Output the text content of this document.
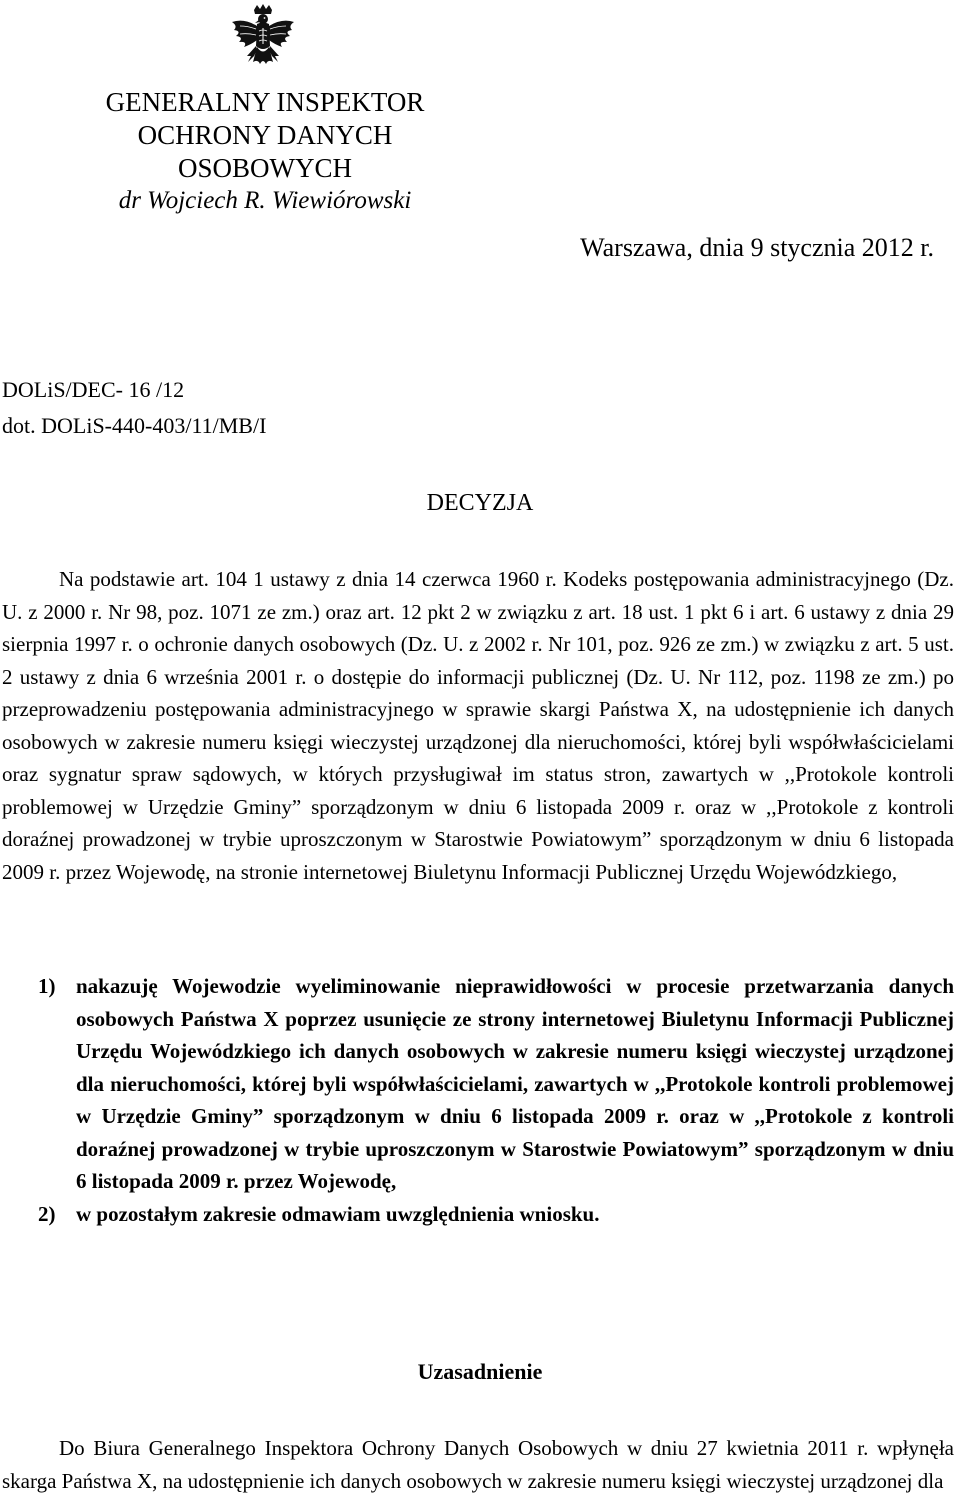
GENERALNY INSPEKTOR
OCHRONY DANYCH
OSOBOWYCH
dr Wojciech R. Wiewiórowski
Warszawa, dnia 9 stycznia 2012 r.
DOLiS/DEC- 16 /12
dot. DOLiS-440-403/11/MB/I
DECYZJA

Na podstawie art. 104 1 ustawy z dnia 14 czerwca 1960 r. Kodeks postępowania administracyjnego (Dz. U. z 2000 r. Nr 98, poz. 1071 ze zm.) oraz art. 12 pkt 2 w związku z art. 18 ust. 1 pkt 6 i art. 6 ustawy z dnia 29 sierpnia 1997 r. o ochronie danych osobowych (Dz. U. z 2002 r. Nr 101, poz. 926 ze zm.) w związku z art. 5 ust. 2 ustawy z dnia 6 września 2001 r. o dostępie do informacji publicznej (Dz. U. Nr 112, poz. 1198 ze zm.) po przeprowadzeniu postępowania administracyjnego w sprawie skargi Państwa X, na udostępnienie ich danych osobowych w zakresie numeru księgi wieczystej urządzonej dla nieruchomości, której byli współwłaścicielami oraz sygnatur spraw sądowych, w których przysługiwał im status stron, zawartych w ,,Protokole kontroli problemowej w Urzędzie Gminy” sporządzonym w dniu 6 listopada 2009 r. oraz w ,,Protokole z kontroli doraźnej prowadzonej w trybie uproszczonym w Starostwie Powiatowym” sporządzonym w dniu 6 listopada 2009 r. przez Wojewodę, na stronie internetowej Biuletynu Informacji Publicznej Urzędu Wojewódzkiego,

1) nakazuję Wojewodzie wyeliminowanie nieprawidłowości w procesie przetwarzania danych osobowych Państwa X poprzez usunięcie ze strony internetowej Biuletynu Informacji Publicznej Urzędu Wojewódzkiego ich danych osobowych w zakresie numeru księgi wieczystej urządzonej dla nieruchomości, której byli współwłaścicielami, zawartych w ,,Protokole kontroli problemowej w Urzędzie Gminy” sporządzonym w dniu 6 listopada 2009 r. oraz w ,,Protokole z kontroli doraźnej prowadzonej w trybie uproszczonym w Starostwie Powiatowym” sporządzonym w dniu 6 listopada 2009 r. przez Wojewodę,
2) w pozostałym zakresie odmawiam uwzględnienia wniosku.
Uzasadnienie

Do Biura Generalnego Inspektora Ochrony Danych Osobowych w dniu 27 kwietnia 2011 r. wpłynęła skarga Państwa X, na udostępnienie ich danych osobowych w zakresie numeru księgi wieczystej urządzonej dla
